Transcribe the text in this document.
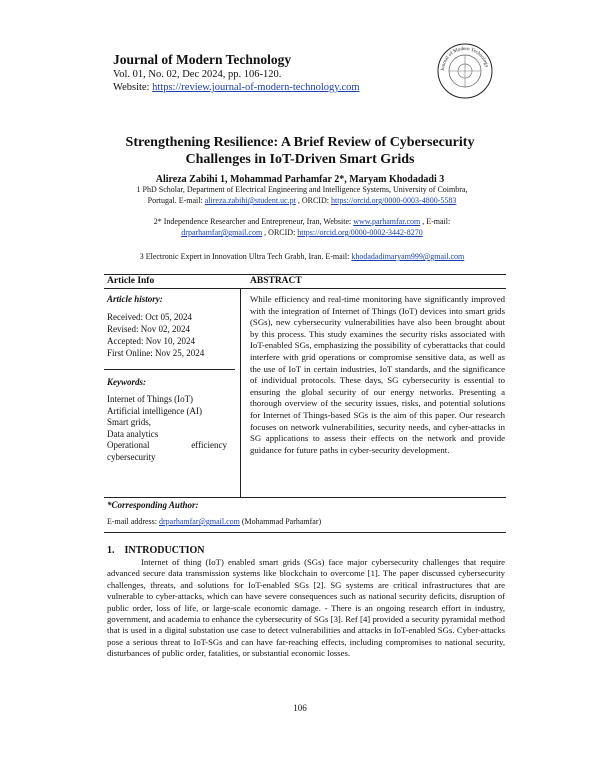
Journal of Modern Technology
Vol. 01, No. 02, Dec 2024, pp. 106-120.
Website: https://review.journal-of-modern-technology.com
Journal of Modern Technology
Strengthening Resilience: A Brief Review of Cybersecurity
Challenges in IoT-Driven Smart Grids
Alireza Zabihi 1, Mohammad Parhamfar 2*, Maryam Khodadadi 3
1 PhD Scholar, Department of Electrical Engineering and Intelligence Systems, University of Coimbra,
Portugal. E-mail: alireza.zabihi@student.uc.pt , ORCID: https://orcid.org/0000-0003-4800-5583
2* Independence Researcher and Entrepreneur, Iran, Website: www.parhamfar.com , E-mail:
drparhamfar@gmail.com , ORCID: https://orcid.org/0000-0002-3442-8270
3 Electronic Expert in Innovation Ultra Tech Grabh, Iran. E-mail: khodadadimaryam999@gmail.com
Article Info	ABSTRACT
Article history:
Received: Oct 05, 2024
Revised: Nov 02, 2024
Accepted: Nov 10, 2024
First Online: Nov 25, 2024
Keywords:
Internet of Things (IoT)
Artificial intelligence (AI)
Smart grids,
Data analytics
Operational	efficiency
cybersecurity
While efficiency and real-time monitoring have significantly improved with the integration of Internet of Things (IoT) devices into smart grids (SGs), new cybersecurity vulnerabilities have also been brought about by this process. This study examines the security risks associated with IoT-enabled SGs, emphasizing the possibility of cyberattacks that could interfere with grid operations or compromise sensitive data, as well as the use of IoT in certain industries, IoT standards, and the significance of individual protocols. These days, SG cybersecurity is essential to ensuring the global security of our energy networks. Presenting a thorough overview of the security issues, risks, and potential solutions for Internet of Things-based SGs is the aim of this paper. Our research focuses on network vulnerabilities, security needs, and cyber-attacks in SG applications to assess their effects on the network and provide guidance for future paths in cyber-security development.
*Corresponding Author:
E-mail address: drparhamfar@gmail.com (Mohammad Parhamfar)
1.    INTRODUCTION
Internet of thing (IoT) enabled smart grids (SGs) face major cybersecurity challenges that require advanced secure data transmission systems like blockchain to overcome [1]. The paper discussed cybersecurity challenges, threats, and solutions for IoT-enabled SGs [2]. SG systems are critical infrastructures that are vulnerable to cyber-attacks, which can have severe consequences such as national security deficits, disruption of public order, loss of life, or large-scale economic damage. - There is an ongoing research effort in industry, government, and academia to enhance the cybersecurity of SGs [3]. Ref [4] provided a security pyramidal method that is used in a digital substation use case to detect vulnerabilities and attacks in IoT-enabled SGs. Cyber-attacks pose a serious threat to IoT-SGs and can have far-reaching effects, including compromises to national security, disturbances of public order, fatalities, or substantial economic losses.
106
